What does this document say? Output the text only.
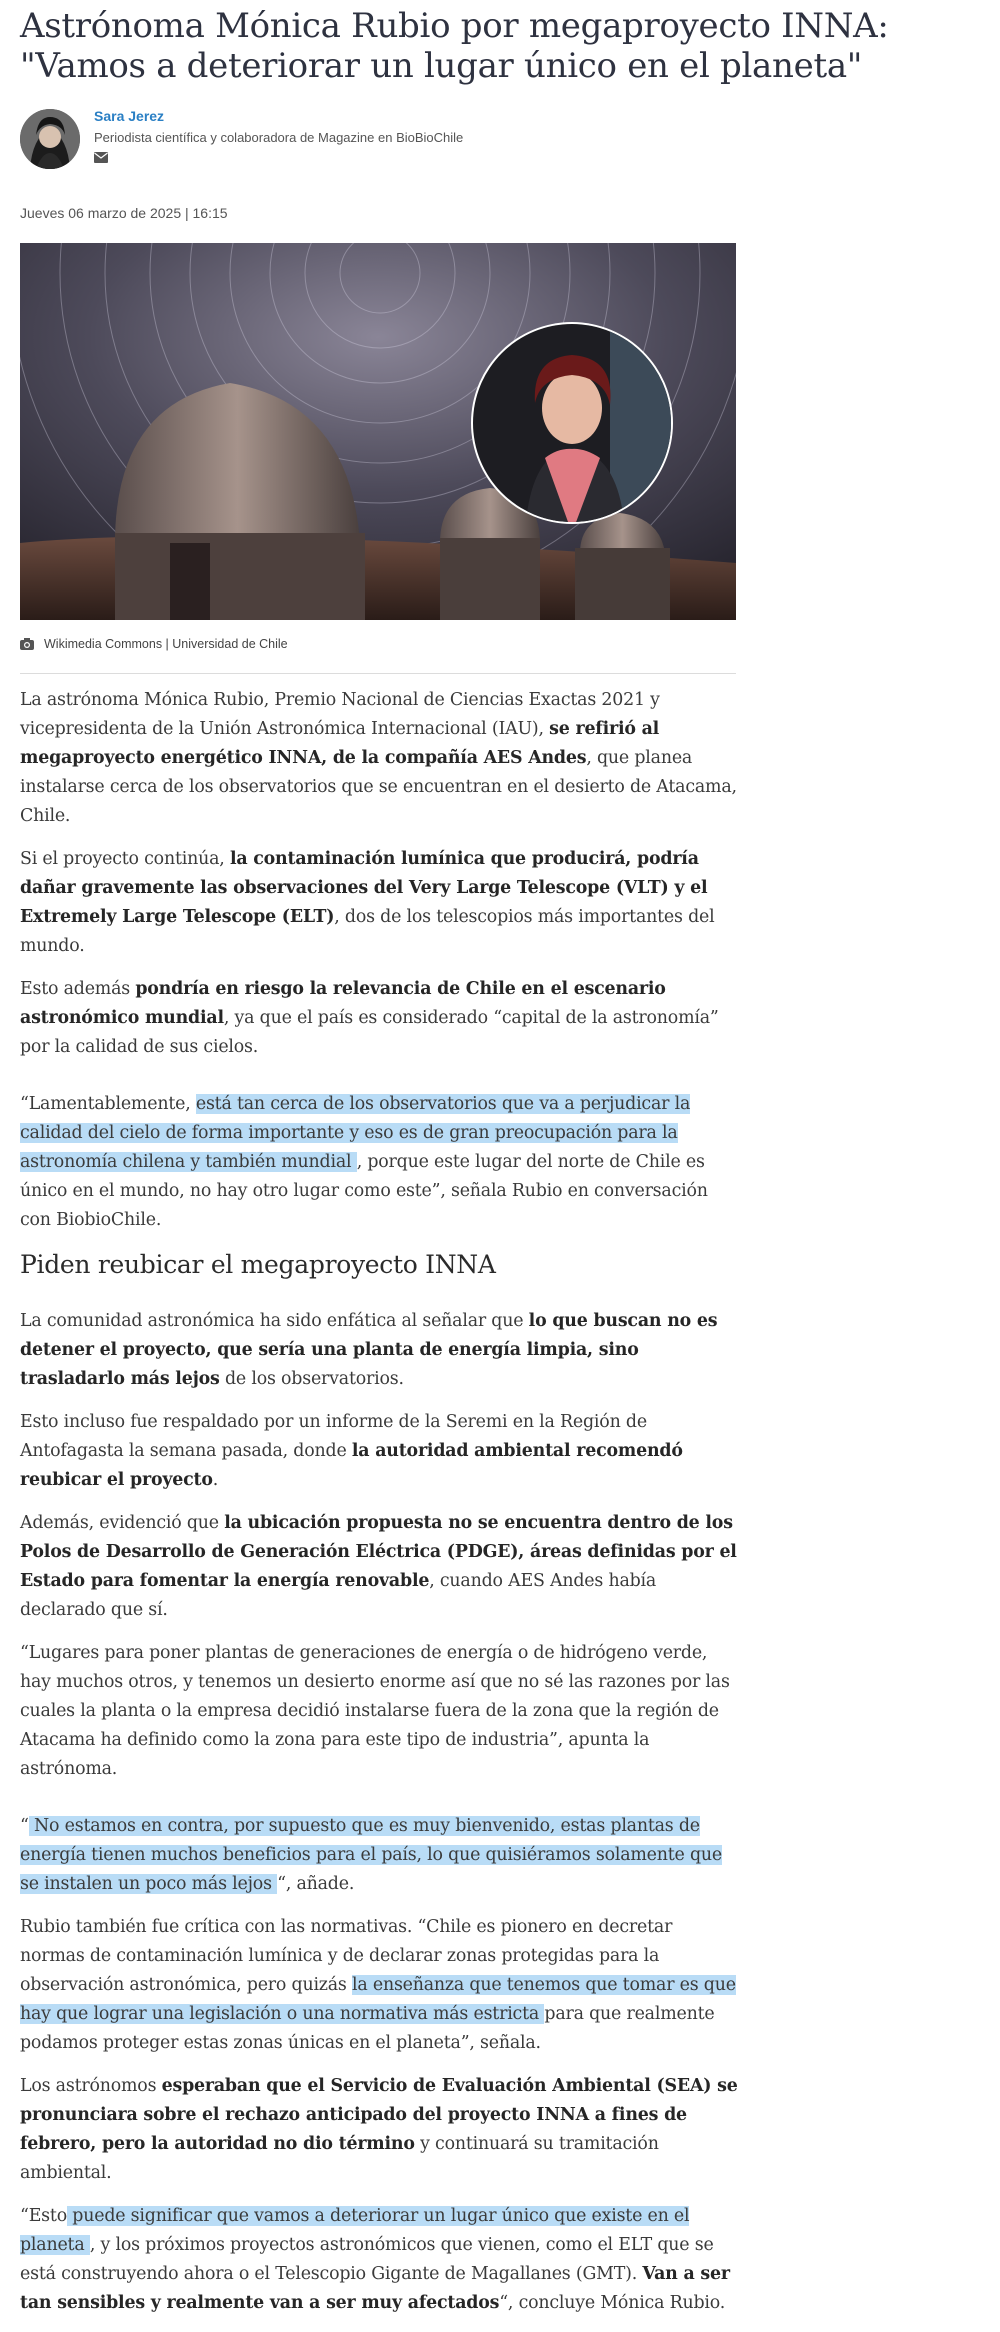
Astrónoma Mónica Rubio por megaproyecto INNA: "Vamos a deteriorar un lugar único en el planeta"
Sara Jerez
Periodista científica y colaboradora de Magazine en BioBioChile
Jueves 06 marzo de 2025 | 16:15
Wikimedia Commons | Universidad de Chile

La astrónoma Mónica Rubio, Premio Nacional de Ciencias Exactas 2021 y vicepresidenta de la Unión Astronómica Internacional (IAU), se refirió al megaproyecto energético INNA, de la compañía AES Andes, que planea instalarse cerca de los observatorios que se encuentran en el desierto de Atacama, Chile.

Si el proyecto continúa, la contaminación lumínica que producirá, podría dañar gravemente las observaciones del Very Large Telescope (VLT) y el Extremely Large Telescope (ELT), dos de los telescopios más importantes del mundo.

Esto además pondría en riesgo la relevancia de Chile en el escenario astronómico mundial, ya que el país es considerado “capital de la astronomía” por la calidad de sus cielos.

“Lamentablemente, está tan cerca de los observatorios que va a perjudicar la calidad del cielo de forma importante y eso es de gran preocupación para la astronomía chilena y también mundial , porque este lugar del norte de Chile es único en el mundo, no hay otro lugar como este”, señala Rubio en conversación con BiobioChile.

Piden reubicar el megaproyecto INNA

La comunidad astronómica ha sido enfática al señalar que lo que buscan no es detener el proyecto, que sería una planta de energía limpia, sino trasladarlo más lejos de los observatorios.

Esto incluso fue respaldado por un informe de la Seremi en la Región de Antofagasta la semana pasada, donde la autoridad ambiental recomendó reubicar el proyecto.

Además, evidenció que la ubicación propuesta no se encuentra dentro de los Polos de Desarrollo de Generación Eléctrica (PDGE), áreas definidas por el Estado para fomentar la energía renovable, cuando AES Andes había declarado que sí.

“Lugares para poner plantas de generaciones de energía o de hidrógeno verde, hay muchos otros, y tenemos un desierto enorme así que no sé las razones por las cuales la planta o la empresa decidió instalarse fuera de la zona que la región de Atacama ha definido como la zona para este tipo de industria”, apunta la astrónoma.

“ No estamos en contra, por supuesto que es muy bienvenido, estas plantas de energía tienen muchos beneficios para el país, lo que quisiéramos solamente que se instalen un poco más lejos “, añade.

Rubio también fue crítica con las normativas. “Chile es pionero en decretar normas de contaminación lumínica y de declarar zonas protegidas para la observación astronómica, pero quizás la enseñanza que tenemos que tomar es que hay que lograr una legislación o una normativa más estricta para que realmente podamos proteger estas zonas únicas en el planeta”, señala.

Los astrónomos esperaban que el Servicio de Evaluación Ambiental (SEA) se pronunciara sobre el rechazo anticipado del proyecto INNA a fines de febrero, pero la autoridad no dio término y continuará su tramitación ambiental.

“Esto puede significar que vamos a deteriorar un lugar único que existe en el planeta , y los próximos proyectos astronómicos que vienen, como el ELT que se está construyendo ahora o el Telescopio Gigante de Magallanes (GMT). Van a ser tan sensibles y realmente van a ser muy afectados“, concluye Mónica Rubio.
